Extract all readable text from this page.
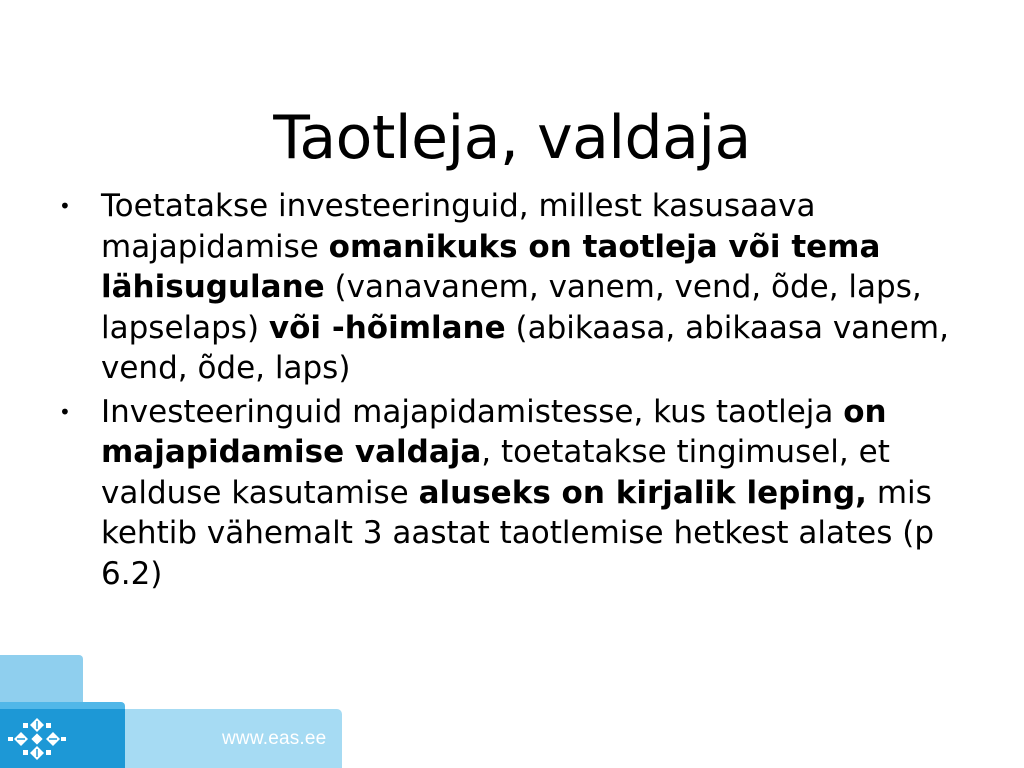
Taotleja, valdaja
• Toetatakse investeeringuid, millest kasusaava majapidamise omanikuks on taotleja või tema lähisugulane (vanavanem, vanem, vend, õde, laps, lapselaps) või -hõimlane (abikaasa, abikaasa vanem, vend, õde, laps)
• Investeeringuid majapidamistesse, kus taotleja on majapidamise valdaja, toetatakse tingimusel, et valduse kasutamise aluseks on kirjalik leping, mis kehtib vähemalt 3 aastat taotlemise hetkest alates (p 6.2)
www.eas.ee
